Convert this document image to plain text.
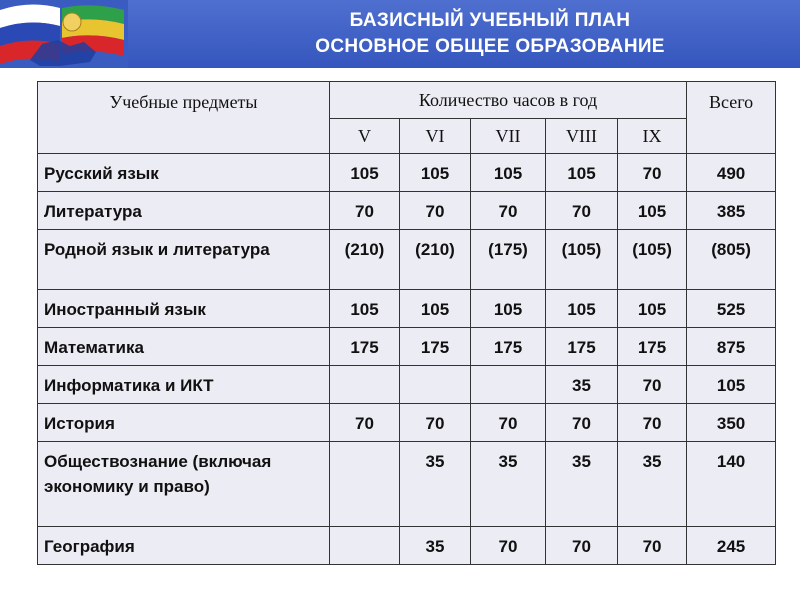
БАЗИСНЫЙ УЧЕБНЫЙ ПЛАН
ОСНОВНОЕ ОБЩЕЕ ОБРАЗОВАНИЕ
Учебные предметы	Количество часов в год					Всего
	V	VI	VII	VIII	IX	
Русский язык	105	105	105	105	70	490
Литература	70	70	70	70	105	385
Родной язык и литература	(210)	(210)	(175)	(105)	(105)	(805)
Иностранный язык	105	105	105	105	105	525
Математика	175	175	175	175	175	875
Информатика и ИКТ				35	70	105
История	70	70	70	70	70	350
Обществознание (включая экономику и право)		35	35	35	35	140
География		35	70	70	70	245
